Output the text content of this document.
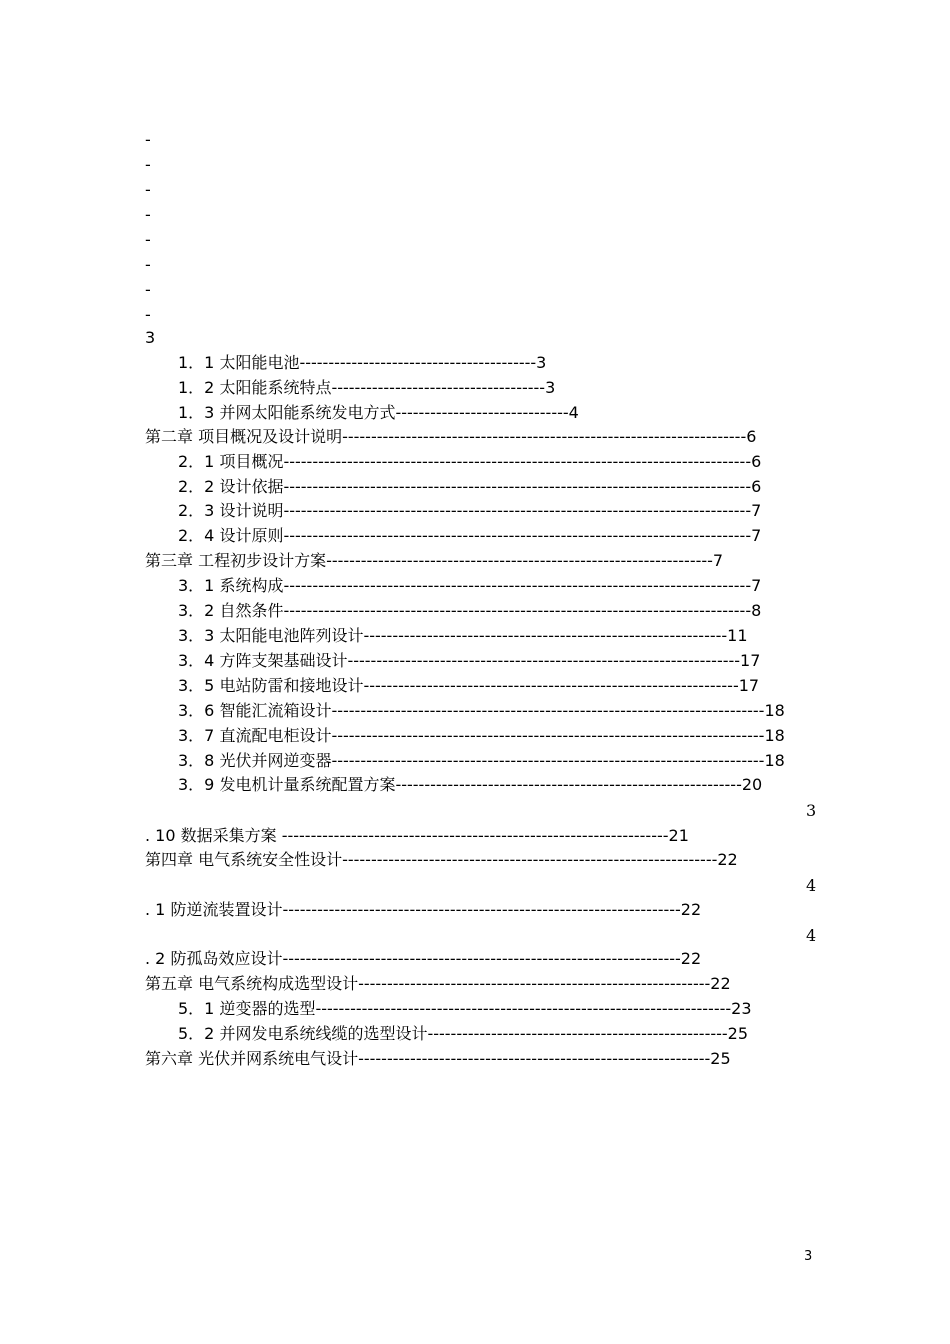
-
-
-
-
-
-
-
-
3
1．1 太阳能电池-----------------------------------------3
1．2 太阳能系统特点-------------------------------------3
1．3 并网太阳能系统发电方式------------------------------4
第二章 项目概况及设计说明----------------------------------------------------------------------6
2．1 项目概况---------------------------------------------------------------------------------6
2．2 设计依据---------------------------------------------------------------------------------6
2．3 设计说明---------------------------------------------------------------------------------7
2．4 设计原则---------------------------------------------------------------------------------7
第三章 工程初步设计方案-------------------------------------------------------------------7
3．1 系统构成---------------------------------------------------------------------------------7
3．2 自然条件---------------------------------------------------------------------------------8
3．3 太阳能电池阵列设计---------------------------------------------------------------11
3．4 方阵支架基础设计--------------------------------------------------------------------17
3．5 电站防雷和接地设计-----------------------------------------------------------------17
3．6 智能汇流箱设计---------------------------------------------------------------------------18
3．7 直流配电柜设计---------------------------------------------------------------------------18
3．8 光伏并网逆变器---------------------------------------------------------------------------18
3．9 发电机计量系统配置方案------------------------------------------------------------20
3
. 10 数据采集方案 -------------------------------------------------------------------21
第四章 电气系统安全性设计-----------------------------------------------------------------22
4
. 1 防逆流装置设计---------------------------------------------------------------------22
4
. 2 防孤岛效应设计---------------------------------------------------------------------22
第五章 电气系统构成选型设计-------------------------------------------------------------22
5．1 逆变器的选型------------------------------------------------------------------------23
5．2 并网发电系统线缆的选型设计----------------------------------------------------25
第六章 光伏并网系统电气设计-------------------------------------------------------------25
3
